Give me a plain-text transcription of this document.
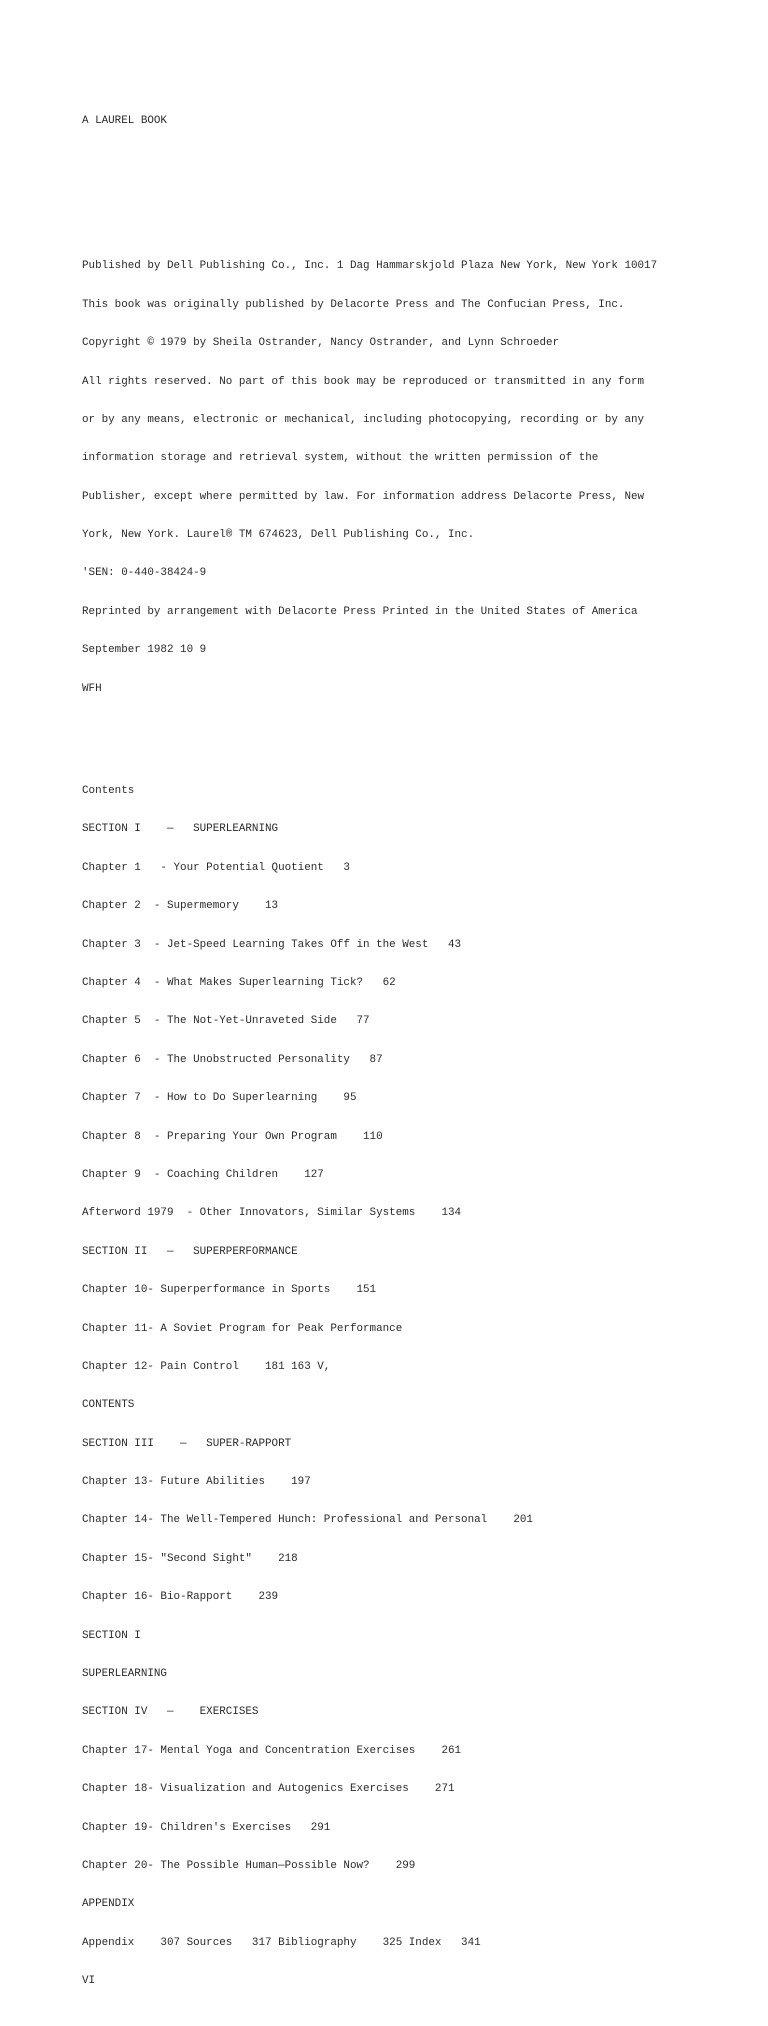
A LAUREL BOOK

Published by Dell Publishing Co., Inc. 1 Dag Hammarskjold Plaza New York, New York 10017

This book was originally published by Delacorte Press and The Confucian Press, Inc.

Copyright © 1979 by Sheila Ostrander, Nancy Ostrander, and Lynn Schroeder

All rights reserved. No part of this book may be reproduced or transmitted in any form

or by any means, electronic or mechanical, including photocopying, recording or by any

information storage and retrieval system, without the written permission of the

Publisher, except where permitted by law. For information address Delacorte Press, New

York, New York. Laurel® TM 674623, Dell Publishing Co., Inc.

'SEN: 0-440-38424-9

Reprinted by arrangement with Delacorte Press Printed in the United States of America

September 1982 10 9

WFH

Contents

SECTION I    —   SUPERLEARNING

Chapter 1   - Your Potential Quotient   3

Chapter 2  - Supermemory    13

Chapter 3  - Jet-Speed Learning Takes Off in the West   43

Chapter 4  - What Makes Superlearning Tick?   62

Chapter 5  - The Not-Yet-Unraveted Side   77

Chapter 6  - The Unobstructed Personality   87

Chapter 7  - How to Do Superlearning    95

Chapter 8  - Preparing Your Own Program    110

Chapter 9  - Coaching Children    127

Afterword 1979  - Other Innovators, Similar Systems    134

SECTION II   —   SUPERPERFORMANCE

Chapter 10- Superperformance in Sports    151

Chapter 11- A Soviet Program for Peak Performance

Chapter 12- Pain Control    181 163 V,

CONTENTS

SECTION III    —   SUPER-RAPPORT

Chapter 13- Future Abilities    197

Chapter 14- The Well-Tempered Hunch: Professional and Personal    201

Chapter 15- "Second Sight"    218

Chapter 16- Bio-Rapport    239

SECTION I

SUPERLEARNING

SECTION IV   —    EXERCISES

Chapter 17- Mental Yoga and Concentration Exercises    261

Chapter 18- Visualization and Autogenics Exercises    271

Chapter 19- Children's Exercises   291

Chapter 20- The Possible Human—Possible Now?    299

APPENDIX

Appendix    307 Sources   317 Bibliography    325 Index   341

VI
